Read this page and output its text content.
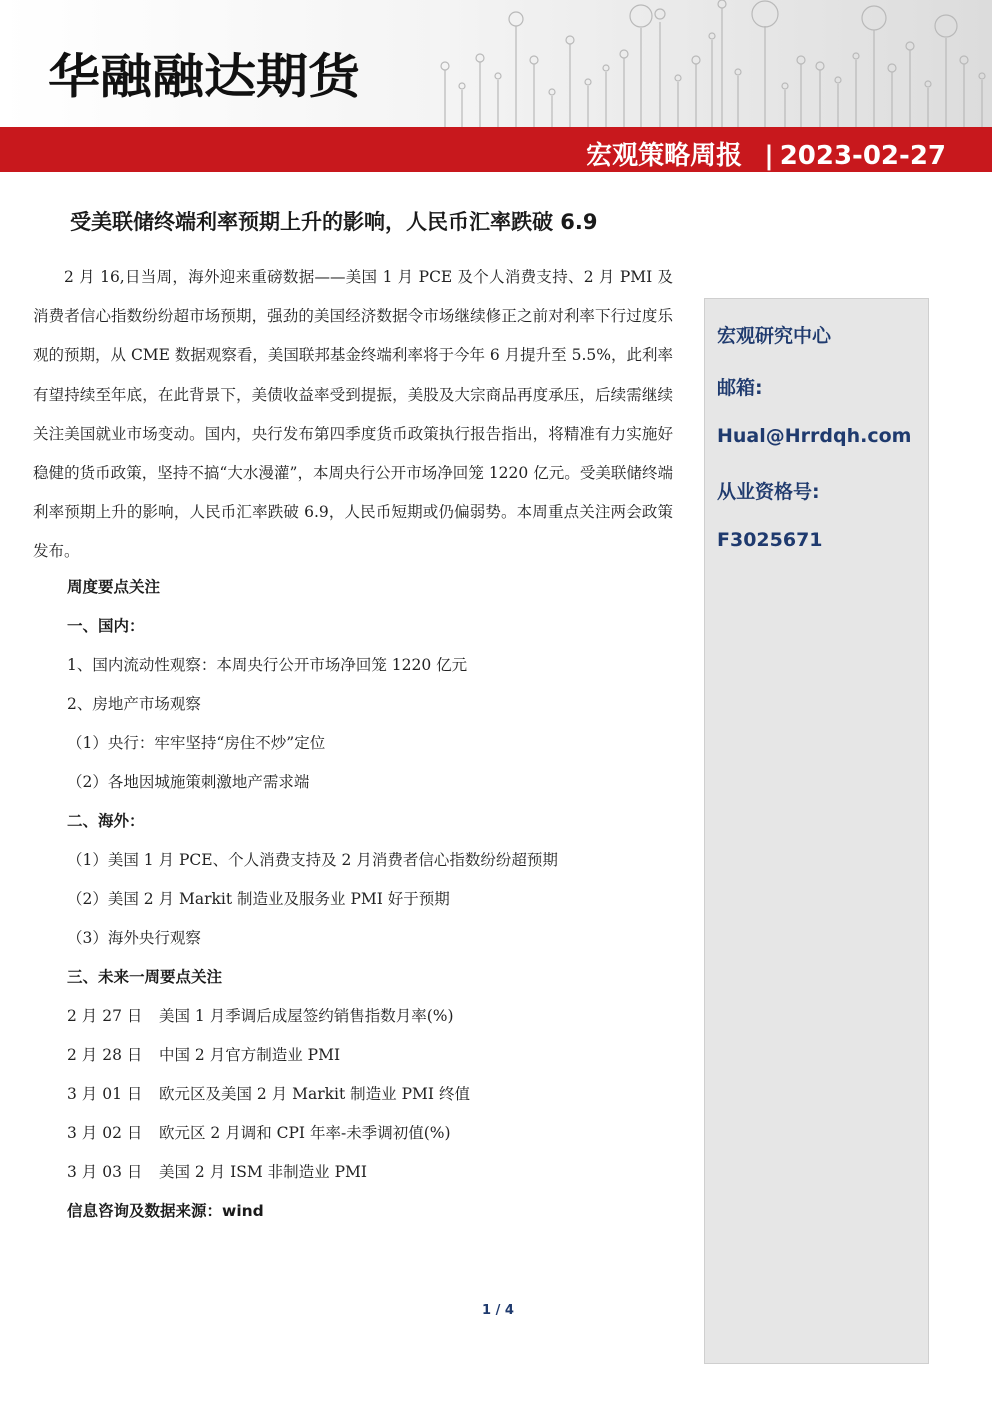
华融融达期货
宏观策略周报 | 2023-02-27
受美联储终端利率预期上升的影响，人民币汇率跌破 6.9
2 月 16,日当周，海外迎来重磅数据——美国 1 月 PCE 及个人消费支持、2 月 PMI 及消费者信心指数纷纷超市场预期，强劲的美国经济数据令市场继续修正之前对利率下行过度乐观的预期，从 CME 数据观察看，美国联邦基金终端利率将于今年 6 月提升至 5.5%，此利率有望持续至年底，在此背景下，美债收益率受到提振，美股及大宗商品再度承压，后续需继续关注美国就业市场变动。国内，央行发布第四季度货币政策执行报告指出，将精准有力实施好稳健的货币政策，坚持不搞“大水漫灌”，本周央行公开市场净回笼 1220 亿元。受美联储终端利率预期上升的影响，人民币汇率跌破 6.9，人民币短期或仍偏弱势。本周重点关注两会政策发布。
周度要点关注
一、国内：
1、国内流动性观察：本周央行公开市场净回笼 1220 亿元
2、房地产市场观察
（1）央行：牢牢坚持“房住不炒”定位
（2）各地因城施策刺激地产需求端
二、海外：
（1）美国 1 月 PCE、个人消费支持及 2 月消费者信心指数纷纷超预期
（2）美国 2 月 Markit 制造业及服务业 PMI 好于预期
（3）海外央行观察
三、未来一周要点关注
2 月 27 日 美国 1 月季调后成屋签约销售指数月率(%)
2 月 28 日 中国 2 月官方制造业 PMI
3 月 01 日 欧元区及美国 2 月 Markit 制造业 PMI 终值
3 月 02 日 欧元区 2 月调和 CPI 年率-未季调初值(%)
3 月 03 日 美国 2 月 ISM 非制造业 PMI
信息咨询及数据来源：wind
宏观研究中心
邮箱:
Hual@Hrrdqh.com
从业资格号:
F3025671
1 / 4
